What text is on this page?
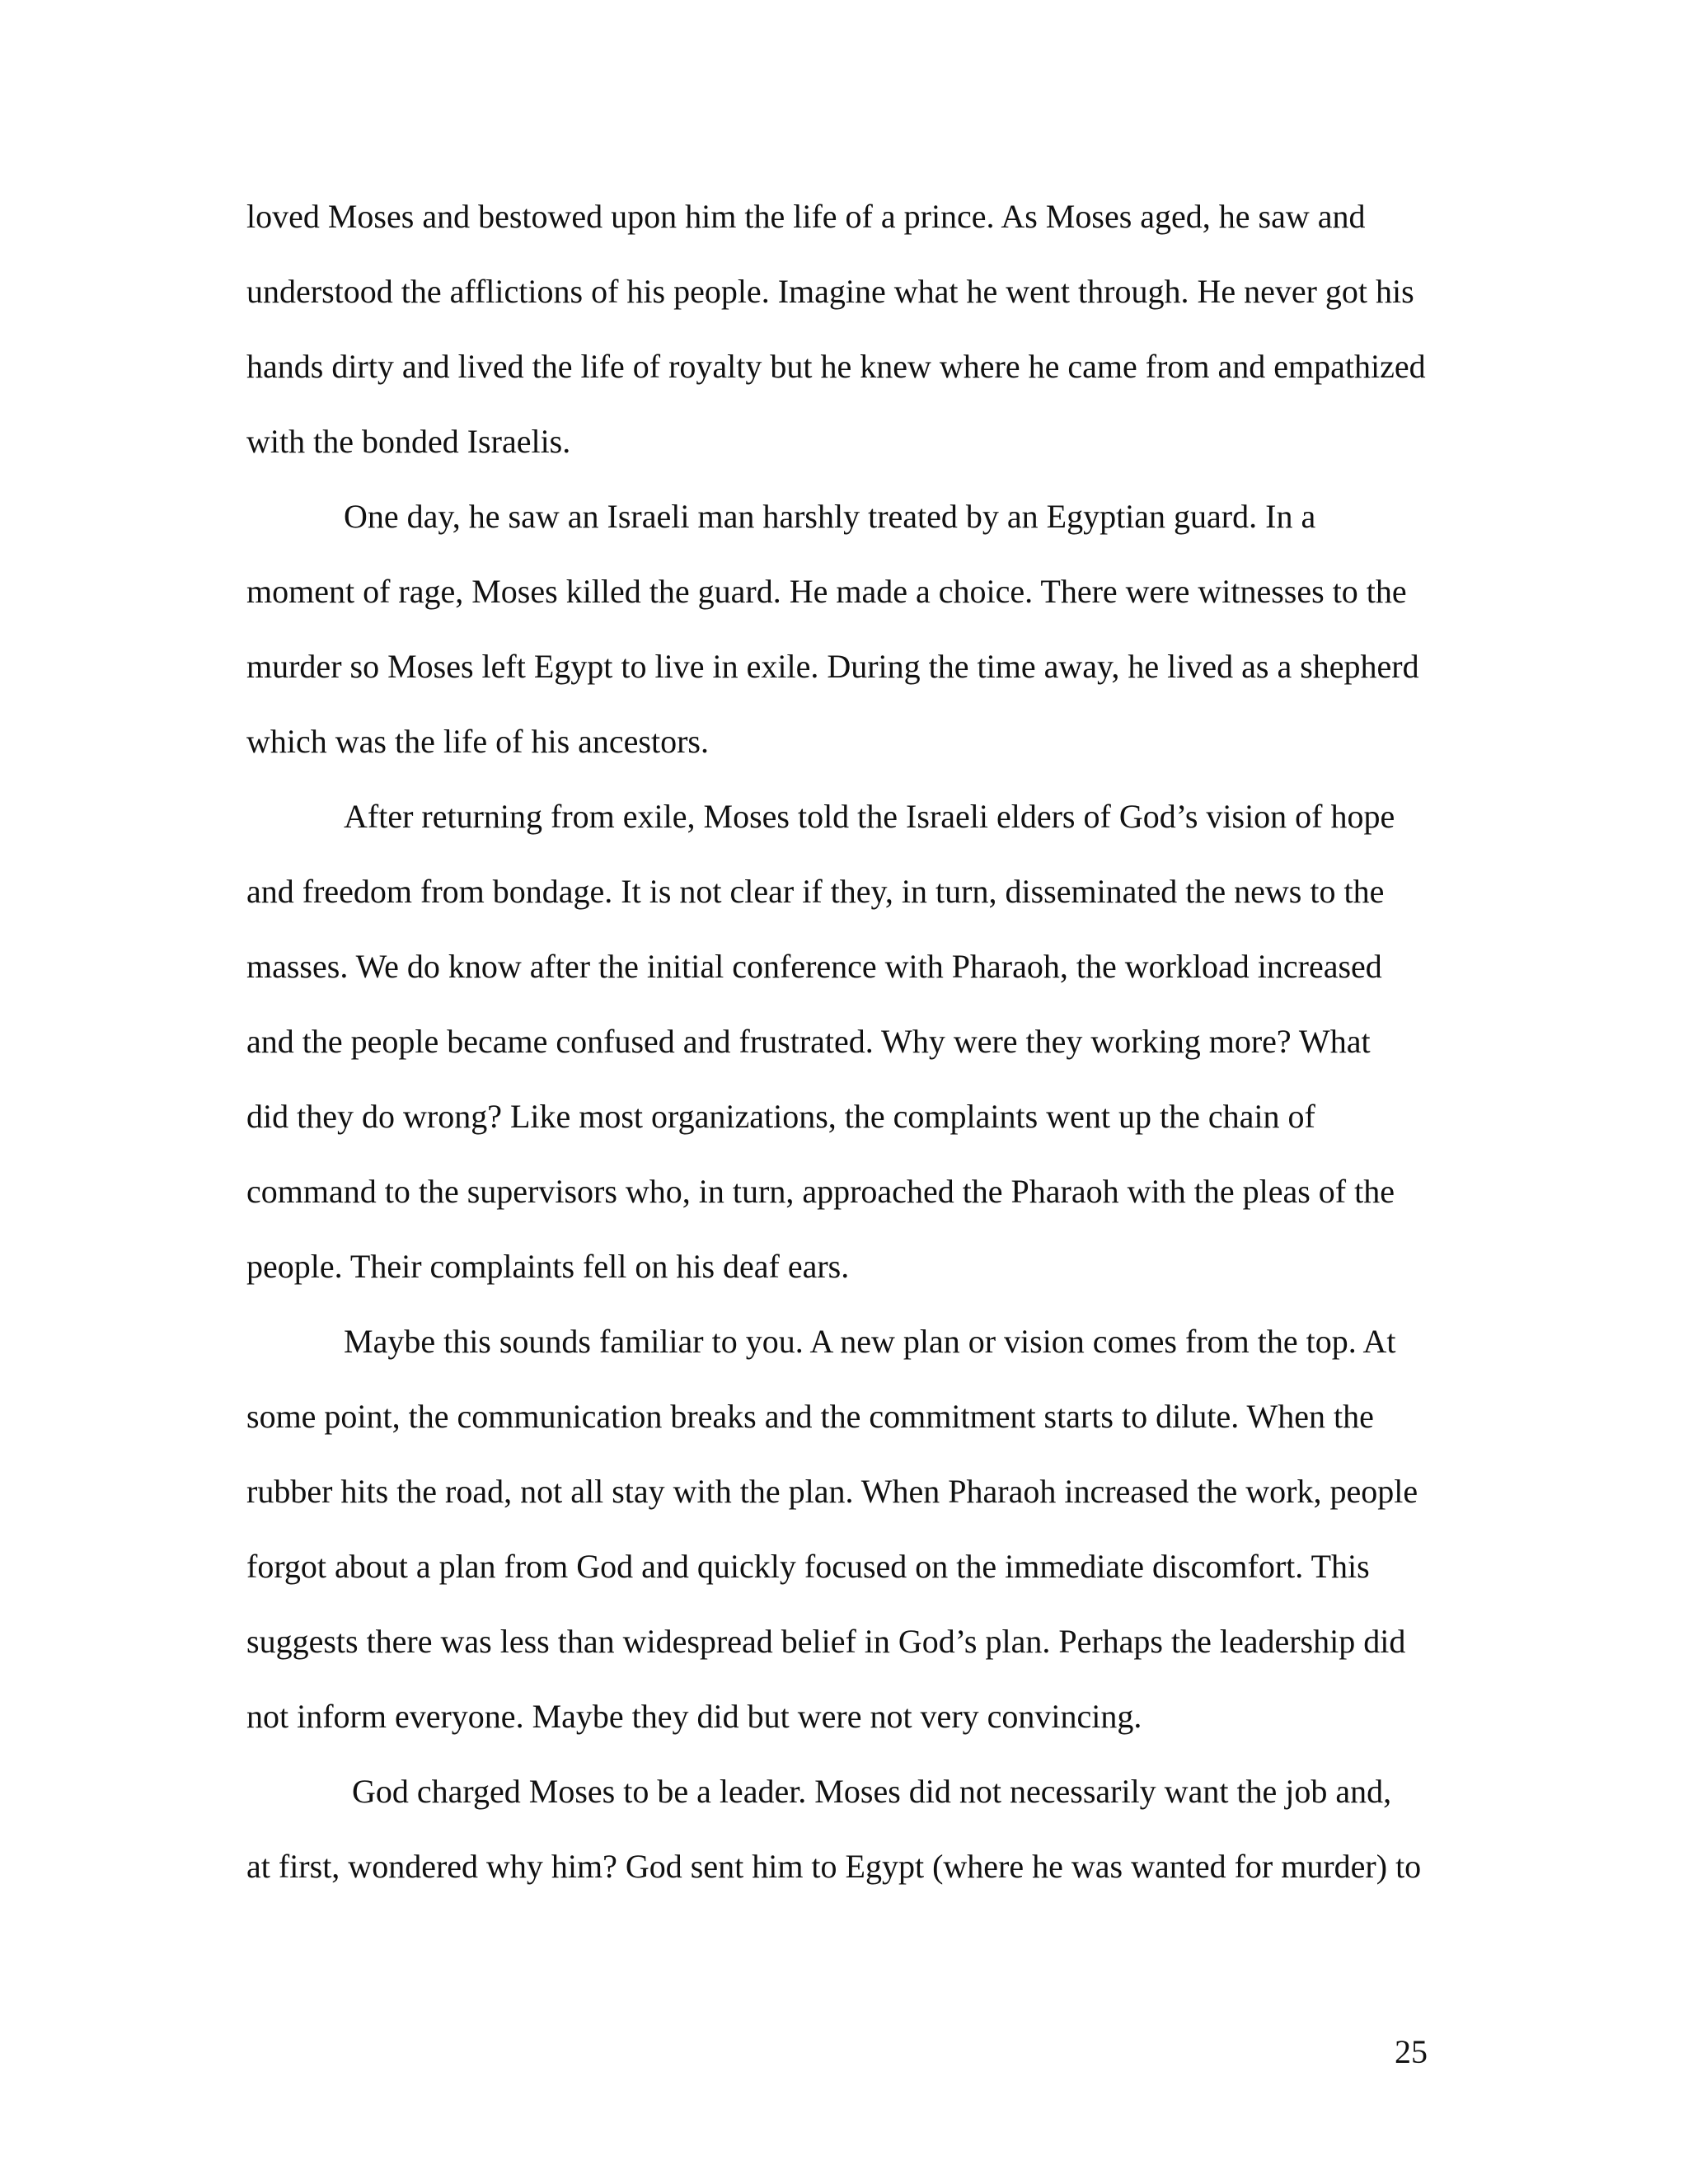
loved Moses and bestowed upon him the life of a prince. As Moses aged, he saw and
understood the afflictions of his people. Imagine what he went through. He never got his
hands dirty and lived the life of royalty but he knew where he came from and empathized
with the bonded Israelis.
One day, he saw an Israeli man harshly treated by an Egyptian guard. In a
moment of rage, Moses killed the guard. He made a choice. There were witnesses to the
murder so Moses left Egypt to live in exile. During the time away, he lived as a shepherd
which was the life of his ancestors.
After returning from exile, Moses told the Israeli elders of God’s vision of hope
and freedom from bondage. It is not clear if they, in turn, disseminated the news to the
masses. We do know after the initial conference with Pharaoh, the workload increased
and the people became confused and frustrated. Why were they working more? What
did they do wrong? Like most organizations, the complaints went up the chain of
command to the supervisors who, in turn, approached the Pharaoh with the pleas of the
people. Their complaints fell on his deaf ears.
Maybe this sounds familiar to you. A new plan or vision comes from the top. At
some point, the communication breaks and the commitment starts to dilute. When the
rubber hits the road, not all stay with the plan. When Pharaoh increased the work, people
forgot about a plan from God and quickly focused on the immediate discomfort. This
suggests there was less than widespread belief in God’s plan. Perhaps the leadership did
not inform everyone. Maybe they did but were not very convincing.
God charged Moses to be a leader. Moses did not necessarily want the job and,
at first, wondered why him? God sent him to Egypt (where he was wanted for murder) to
25
